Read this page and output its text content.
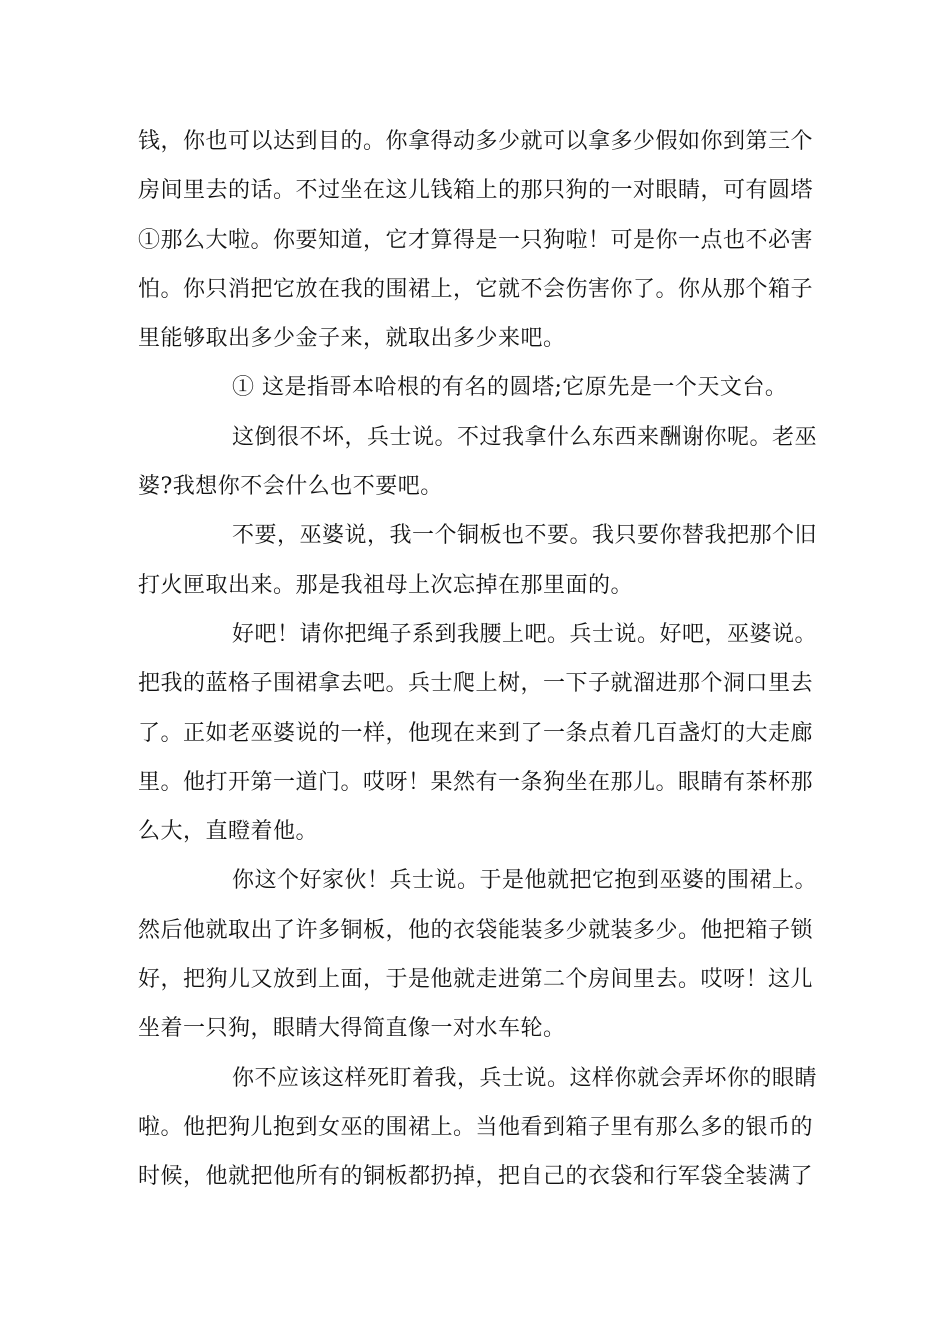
钱，你也可以达到目的。你拿得动多少就可以拿多少假如你到第三个
房间里去的话。不过坐在这儿钱箱上的那只狗的一对眼睛，可有圆塔
①那么大啦。你要知道，它才算得是一只狗啦！可是你一点也不必害
怕。你只消把它放在我的围裙上，它就不会伤害你了。你从那个箱子
里能够取出多少金子来，就取出多少来吧。
① 这是指哥本哈根的有名的圆塔;它原先是一个天文台。
这倒很不坏，兵士说。不过我拿什么东西来酬谢你呢。老巫
婆?我想你不会什么也不要吧。
不要，巫婆说，我一个铜板也不要。我只要你替我把那个旧
打火匣取出来。那是我祖母上次忘掉在那里面的。
好吧！请你把绳子系到我腰上吧。兵士说。好吧，巫婆说。
把我的蓝格子围裙拿去吧。兵士爬上树，一下子就溜进那个洞口里去
了。正如老巫婆说的一样，他现在来到了一条点着几百盏灯的大走廊
里。他打开第一道门。哎呀！果然有一条狗坐在那儿。眼睛有茶杯那
么大，直瞪着他。
你这个好家伙！兵士说。于是他就把它抱到巫婆的围裙上。
然后他就取出了许多铜板，他的衣袋能装多少就装多少。他把箱子锁
好，把狗儿又放到上面，于是他就走进第二个房间里去。哎呀！这儿
坐着一只狗，眼睛大得简直像一对水车轮。
你不应该这样死盯着我，兵士说。这样你就会弄坏你的眼睛
啦。他把狗儿抱到女巫的围裙上。当他看到箱子里有那么多的银币的
时候，他就把他所有的铜板都扔掉，把自己的衣袋和行军袋全装满了
